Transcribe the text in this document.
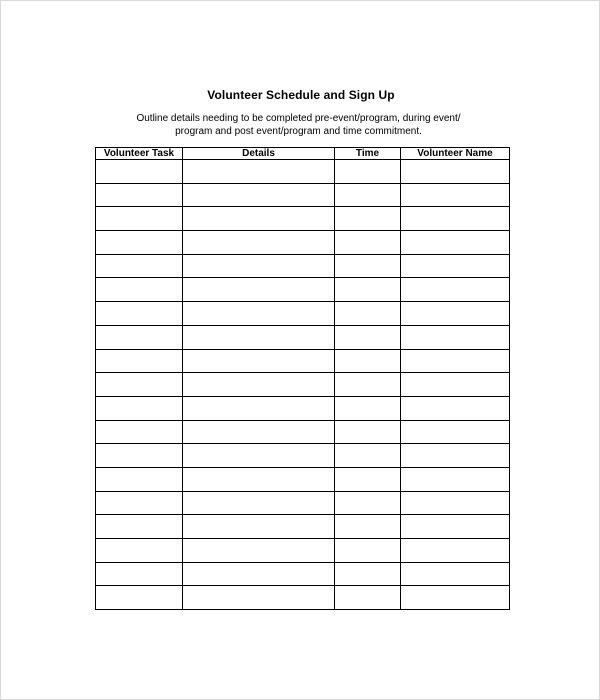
Volunteer Schedule and Sign Up
Outline details needing to be completed pre-event/program, during event/
program and post event/program and time commitment.
Volunteer Task	Details	Time	Volunteer Name
